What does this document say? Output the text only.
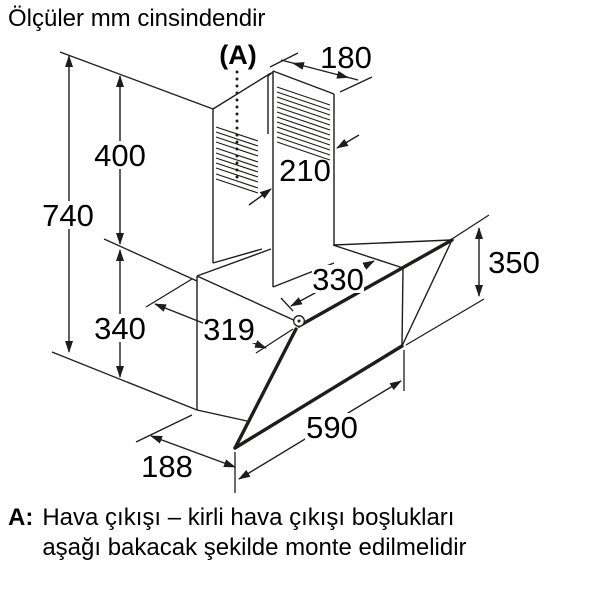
Ölçüler mm cinsindendir
740
400
340
180
210
319
330	350
590
188
(A)
A: Hava çıkışı – kirli hava çıkışı boşlukları
aşağı bakacak şekilde monte edilmelidir
